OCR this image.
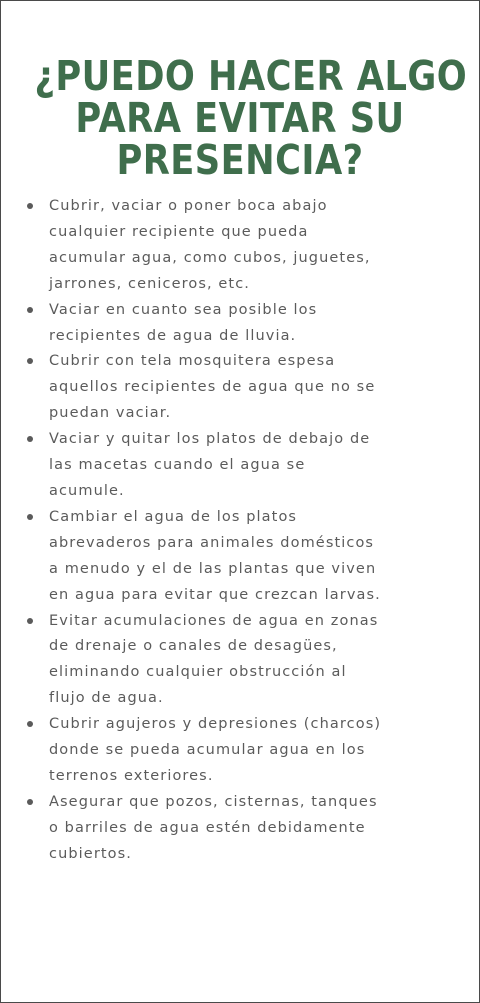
¿PUEDO HACER ALGO
PARA EVITAR SU
PRESENCIA?
Cubrir, vaciar o poner boca abajo
cualquier recipiente que pueda
acumular agua, como cubos, juguetes,
jarrones, ceniceros, etc.
Vaciar en cuanto sea posible los
recipientes de agua de lluvia.
Cubrir con tela mosquitera espesa
aquellos recipientes de agua que no se
puedan vaciar.
Vaciar y quitar los platos de debajo de
las macetas cuando el agua se
acumule.
Cambiar el agua de los platos
abrevaderos para animales domésticos
a menudo y el de las plantas que viven
en agua para evitar que crezcan larvas.
Evitar acumulaciones de agua en zonas
de drenaje o canales de desagües,
eliminando cualquier obstrucción al
flujo de agua.
Cubrir agujeros y depresiones (charcos)
donde se pueda acumular agua en los
terrenos exteriores.
Asegurar que pozos, cisternas, tanques
o barriles de agua estén debidamente
cubiertos.
